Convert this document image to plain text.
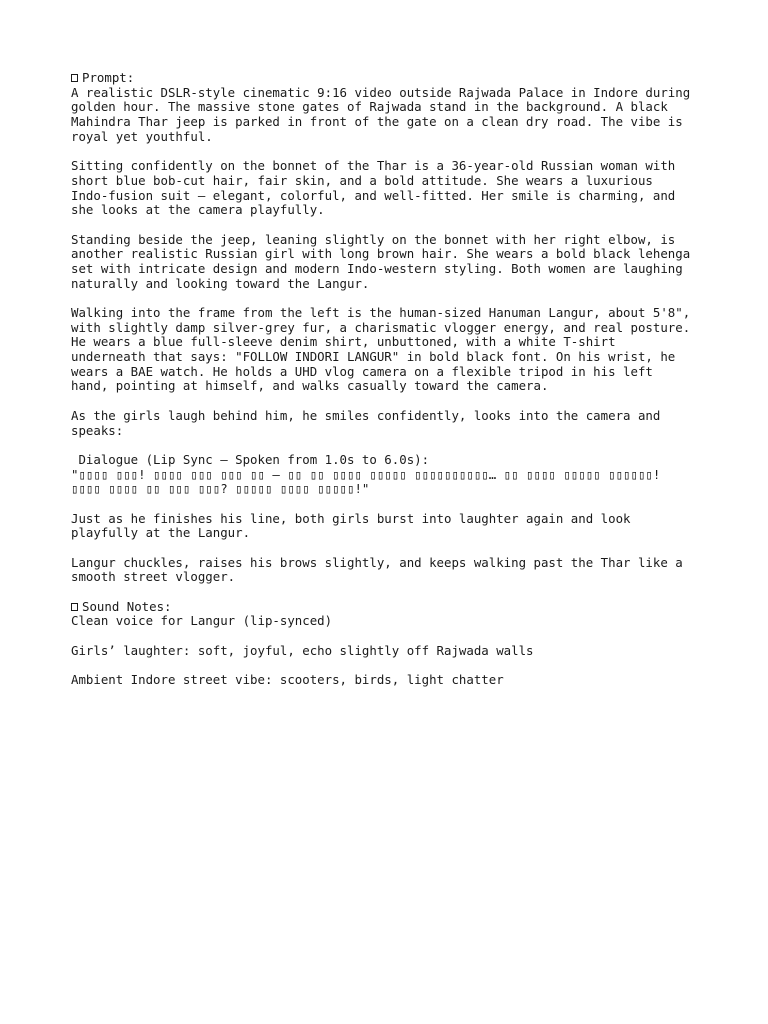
Prompt:
A realistic DSLR-style cinematic 9:16 video outside Rajwada Palace in Indore during
golden hour. The massive stone gates of Rajwada stand in the background. A black
Mahindra Thar jeep is parked in front of the gate on a clean dry road. The vibe is
royal yet youthful.
Sitting confidently on the bonnet of the Thar is a 36-year-old Russian woman with
short blue bob-cut hair, fair skin, and a bold attitude. She wears a luxurious
Indo-fusion suit — elegant, colorful, and well-fitted. Her smile is charming, and
she looks at the camera playfully.
Standing beside the jeep, leaning slightly on the bonnet with her right elbow, is
another realistic Russian girl with long brown hair. She wears a bold black lehenga
set with intricate design and modern Indo-western styling. Both women are laughing
naturally and looking toward the Langur.
Walking into the frame from the left is the human-sized Hanuman Langur, about 5'8",
with slightly damp silver-grey fur, a charismatic vlogger energy, and real posture.
He wears a blue full-sleeve denim shirt, unbuttoned, with a white T-shirt
underneath that says: "FOLLOW INDORI LANGUR" in bold black font. On his wrist, he
wears a BAE watch. He holds a UHD vlog camera on a flexible tripod in his left
hand, pointing at himself, and walks casually toward the camera.
As the girls laugh behind him, he smiles confidently, looks into the camera and
speaks:
Dialogue (Lip Sync – Spoken from 1.0s to 6.0s):
"▯▯▯▯ ▯▯▯! ▯▯▯▯ ▯▯▯ ▯▯▯ ▯▯ — ▯▯ ▯▯ ▯▯▯▯ ▯▯▯▯▯ ▯▯▯▯▯▯▯▯▯▯… ▯▯ ▯▯▯▯ ▯▯▯▯▯ ▯▯▯▯▯▯!
▯▯▯▯ ▯▯▯▯ ▯▯ ▯▯▯ ▯▯▯? ▯▯▯▯▯ ▯▯▯▯ ▯▯▯▯▯!"
Just as he finishes his line, both girls burst into laughter again and look
playfully at the Langur.
Langur chuckles, raises his brows slightly, and keeps walking past the Thar like a
smooth street vlogger.
Sound Notes:
Clean voice for Langur (lip-synced)
Girls’ laughter: soft, joyful, echo slightly off Rajwada walls
Ambient Indore street vibe: scooters, birds, light chatter
